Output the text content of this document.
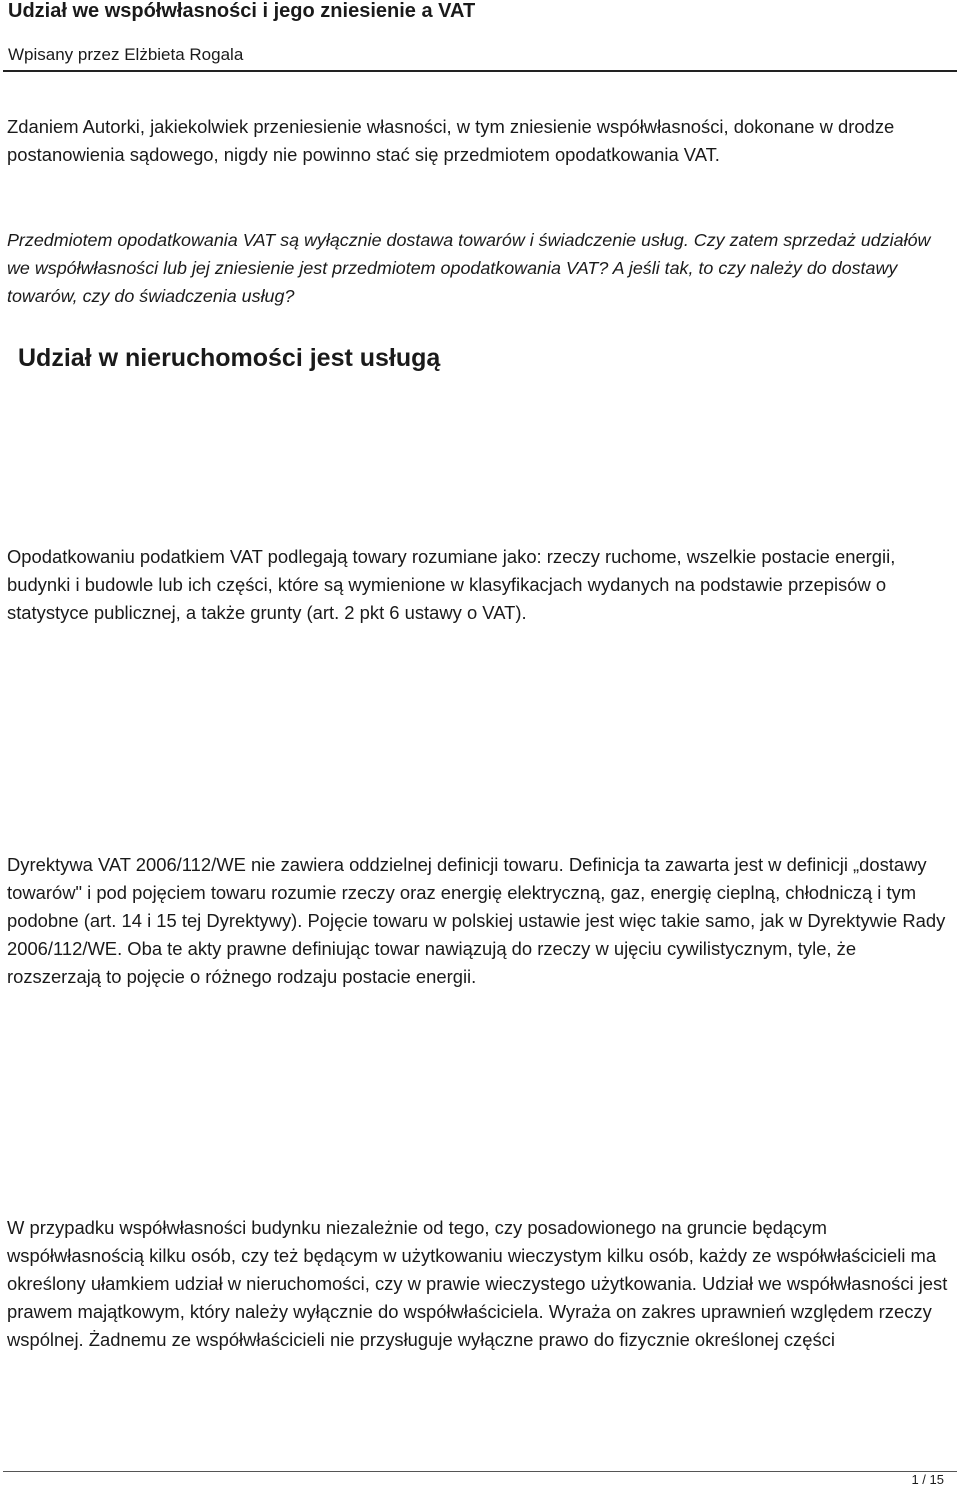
Udział we współwłasności i jego zniesienie a VAT
Wpisany przez Elżbieta Rogala

Zdaniem Autorki, jakiekolwiek przeniesienie własności, w tym zniesienie współwłasności, dokonane w drodze postanowienia sądowego, nigdy nie powinno stać się przedmiotem opodatkowania VAT.

Przedmiotem opodatkowania VAT są wyłącznie dostawa towarów i świadczenie usług. Czy zatem sprzedaż udziałów we współwłasności lub jej zniesienie jest przedmiotem opodatkowania VAT? A jeśli tak, to czy należy do dostawy towarów, czy do świadczenia usług?

Udział w nieruchomości jest usługą

Opodatkowaniu podatkiem VAT podlegają towary rozumiane jako: rzeczy ruchome, wszelkie postacie energii, budynki i budowle lub ich części, które są wymienione w klasyfikacjach wydanych na podstawie przepisów o statystyce publicznej, a także grunty (art. 2 pkt 6 ustawy o VAT).

Dyrektywa VAT 2006/112/WE nie zawiera oddzielnej definicji towaru. Definicja ta zawarta jest w definicji „dostawy towarów" i pod pojęciem towaru rozumie rzeczy oraz energię elektryczną, gaz, energię cieplną, chłodniczą i tym podobne (art. 14 i 15 tej Dyrektywy). Pojęcie towaru w polskiej ustawie jest więc takie samo, jak w Dyrektywie Rady 2006/112/WE. Oba te akty prawne definiując towar nawiązują do rzeczy w ujęciu cywilistycznym, tyle, że rozszerzają to pojęcie o różnego rodzaju postacie energii.

W przypadku współwłasności budynku niezależnie od tego, czy posadowionego na gruncie będącym współwłasnością kilku osób, czy też będącym w użytkowaniu wieczystym kilku osób, każdy ze współwłaścicieli ma określony ułamkiem udział w nieruchomości, czy w prawie wieczystego użytkowania. Udział we współwłasności jest prawem majątkowym, który należy wyłącznie do współwłaściciela. Wyraża on zakres uprawnień względem rzeczy wspólnej. Żadnemu ze współwłaścicieli nie przysługuje wyłączne prawo do fizycznie określonej części

1 / 15
